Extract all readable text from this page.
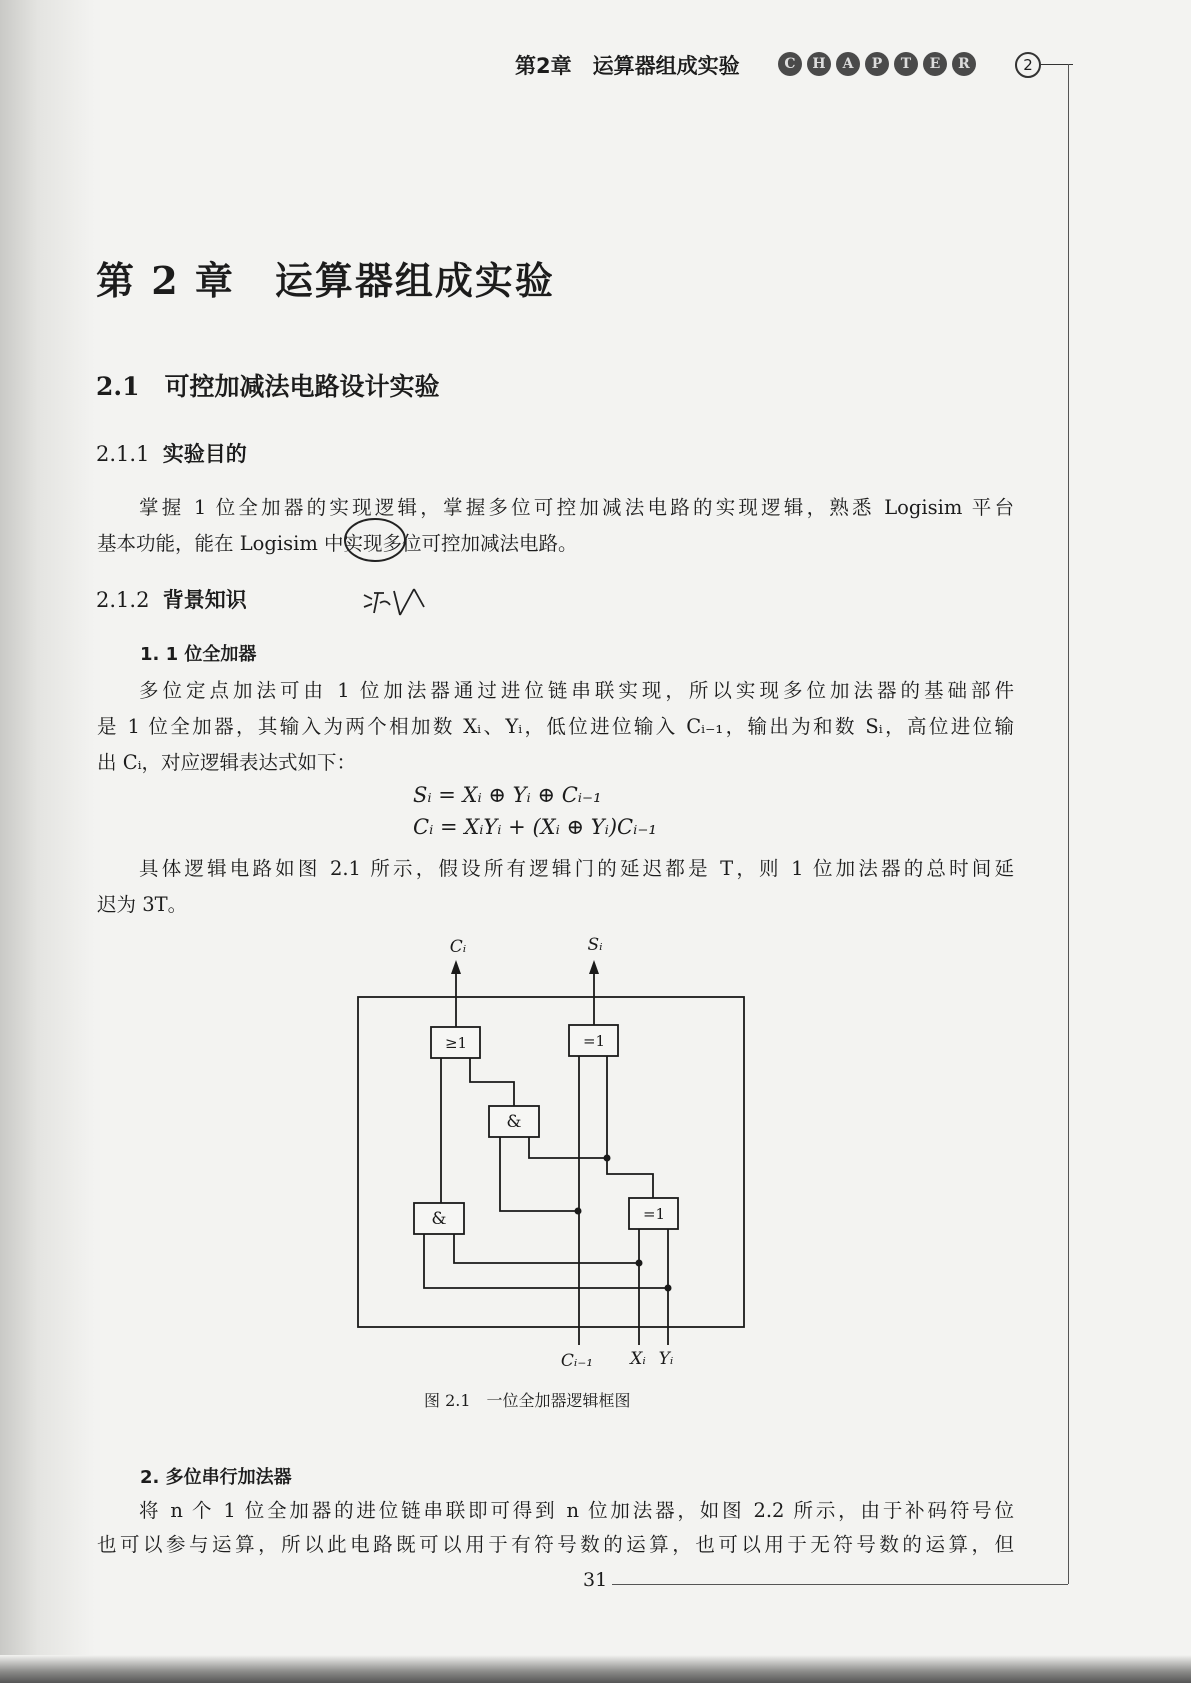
第2章　运算器组成实验	C	H	A	P	T	E	R	2
第 2 章　运算器组成实验
2.1　可控加减法电路设计实验
2.1.1 实验目的
掌握 1 位全加器的实现逻辑，掌握多位可控加减法电路的实现逻辑，熟悉 Logisim 平台
基本功能，能在 Logisim 中实现多位可控加减法电路。
2.1.2 背景知识
1. 1 位全加器
多位定点加法可由 1 位加法器通过进位链串联实现，所以实现多位加法器的基础部件
是 1 位全加器，其输入为两个相加数 Xᵢ、Yᵢ，低位进位输入 Cᵢ₋₁，输出为和数 Sᵢ，高位进位输
出 Cᵢ，对应逻辑表达式如下：
Sᵢ = Xᵢ ⊕ Yᵢ ⊕ Cᵢ₋₁
Cᵢ = XᵢYᵢ + (Xᵢ ⊕ Yᵢ)Cᵢ₋₁
具体逻辑电路如图 2.1 所示，假设所有逻辑门的延迟都是 T，则 1 位加法器的总时间延
迟为 3T。
≥1	=1
&
&	=1
Cᵢ	Sᵢ
Cᵢ₋₁ Xᵢ Yᵢ
图 2.1　一位全加器逻辑框图
2. 多位串行加法器
将 n 个 1 位全加器的进位链串联即可得到 n 位加法器，如图 2.2 所示，由于补码符号位
也可以参与运算，所以此电路既可以用于有符号数的运算，也可以用于无符号数的运算，但
31
